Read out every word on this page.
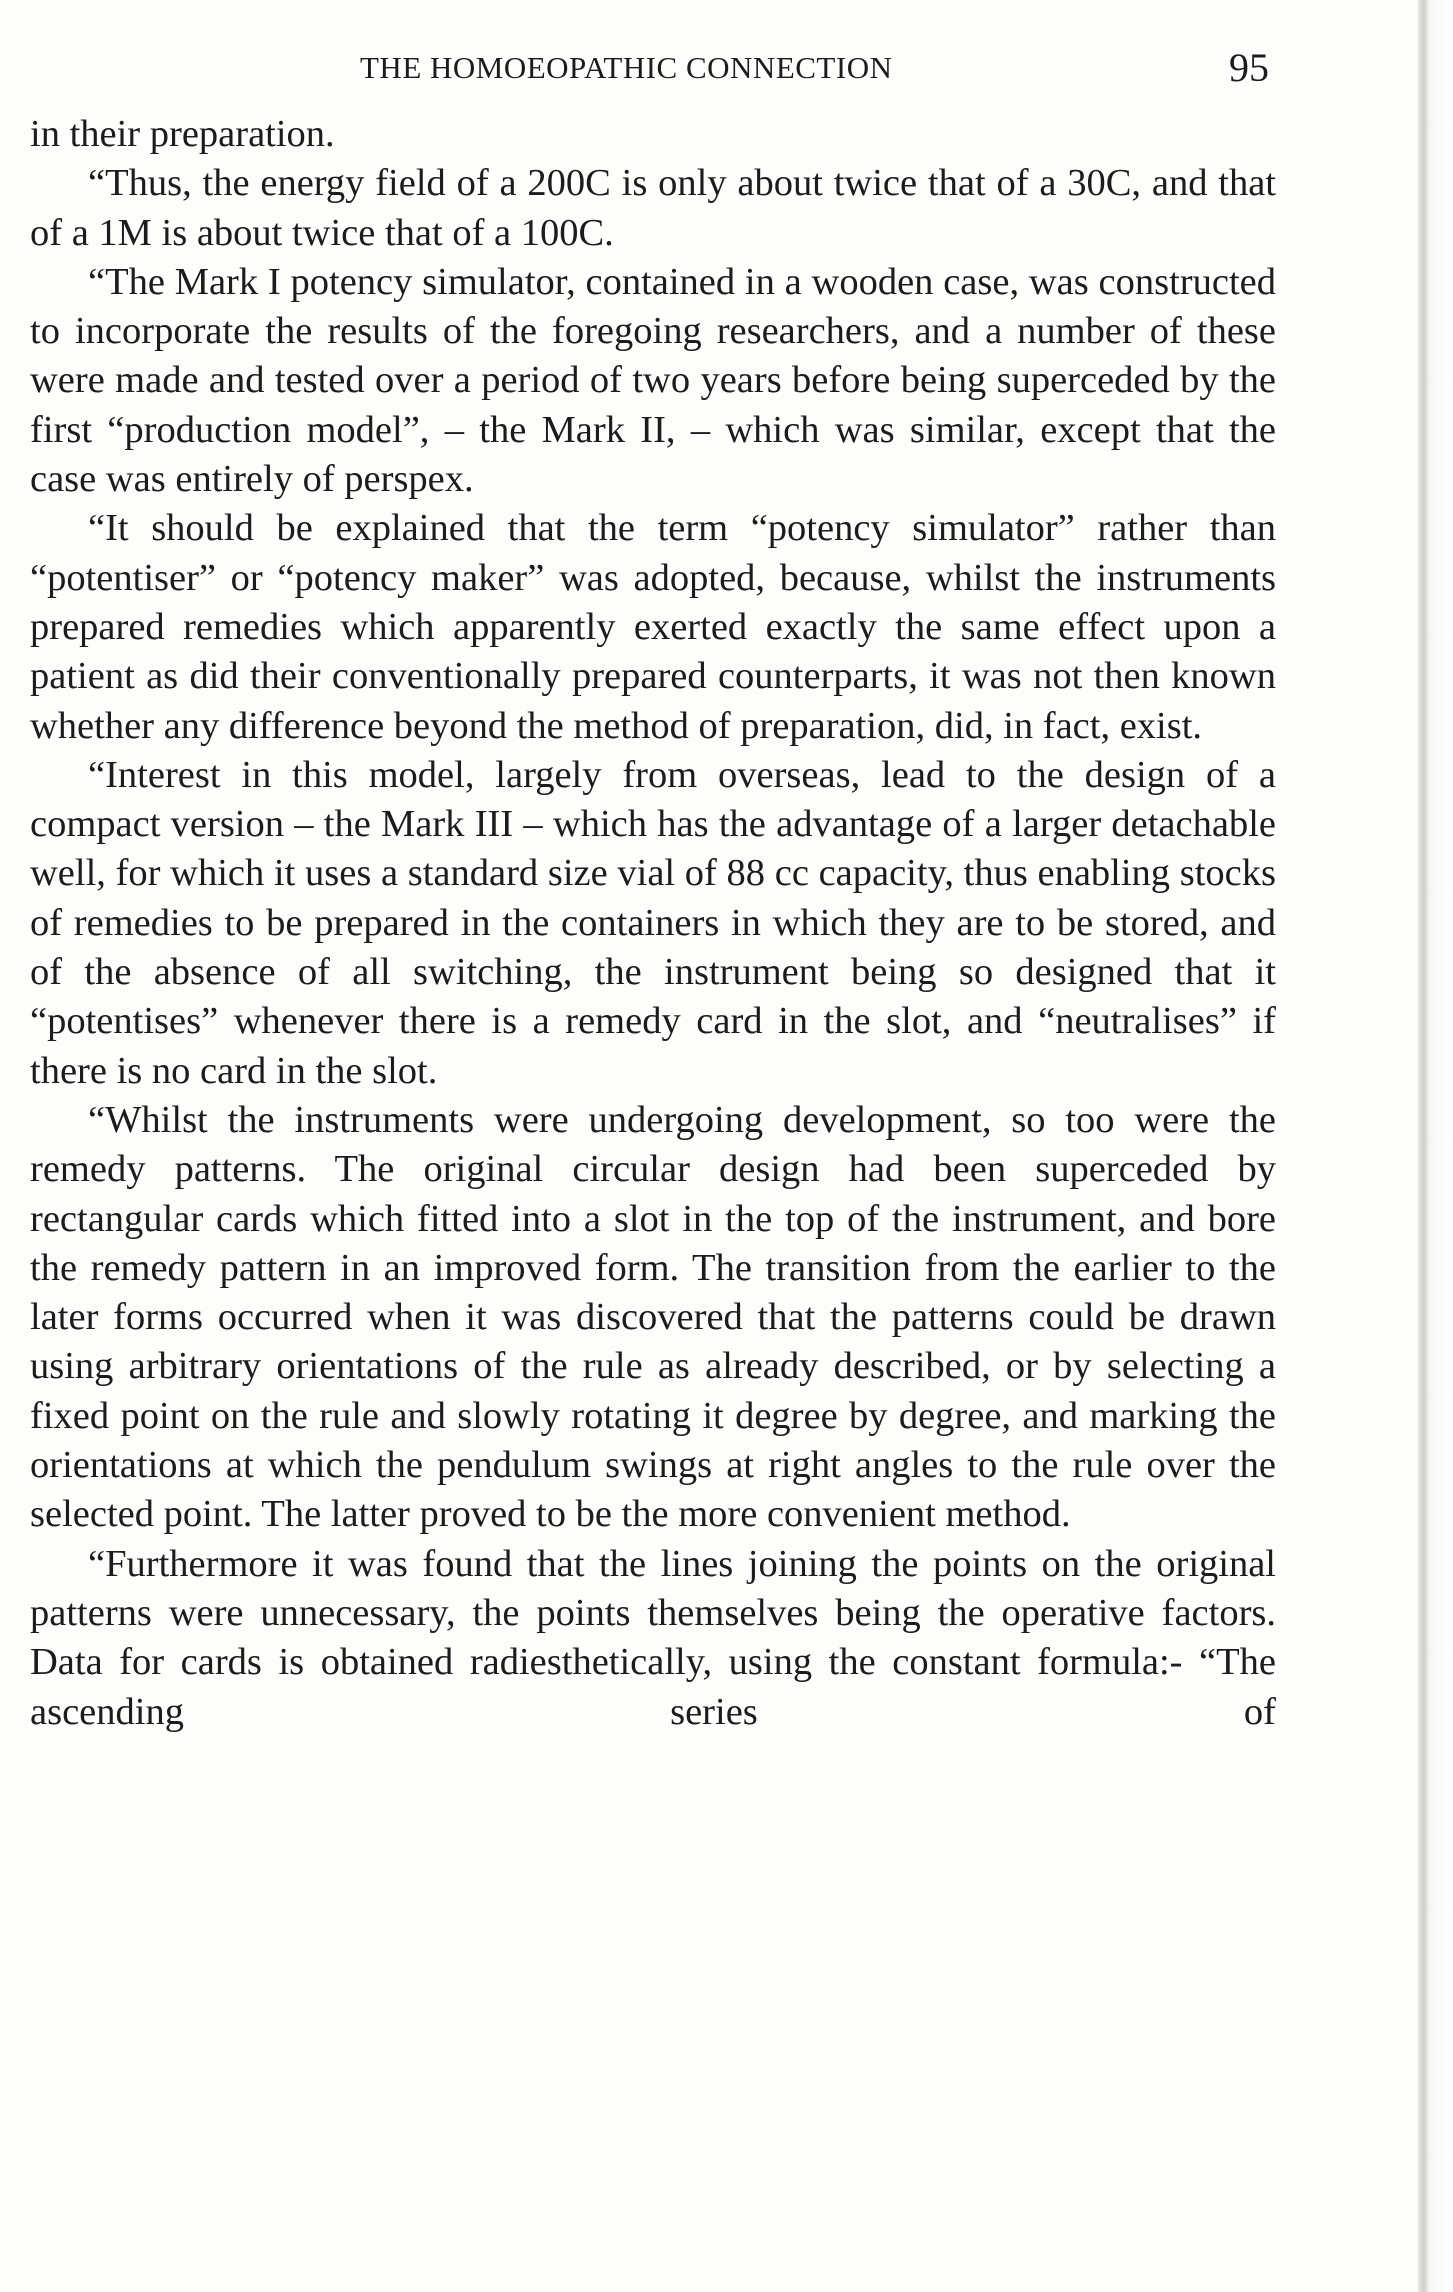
THE HOMOEOPATHIC CONNECTION	95

in their preparation.

“Thus, the energy field of a 200C is only about twice that of a 30C, and that of a 1M is about twice that of a 100C.

“The Mark I potency simulator, contained in a wooden case, was constructed to incorporate the results of the foregoing researchers, and a number of these were made and tested over a period of two years before being superceded by the first “production model”, – the Mark II, – which was similar, except that the case was entirely of perspex.

“It should be explained that the term “potency simulator” rather than “potentiser” or “potency maker” was adopted, because, whilst the instruments prepared remedies which apparently exerted exactly the same effect upon a patient as did their conventionally prepared counterparts, it was not then known whether any difference beyond the method of preparation, did, in fact, exist.

“Interest in this model, largely from overseas, lead to the design of a compact version – the Mark III – which has the advantage of a larger detachable well, for which it uses a standard size vial of 88 cc capacity, thus enabling stocks of remedies to be prepared in the containers in which they are to be stored, and of the absence of all switching, the instrument being so designed that it “potentises” whenever there is a remedy card in the slot, and “neutralises” if there is no card in the slot.

“Whilst the instruments were undergoing development, so too were the remedy patterns. The original circular design had been superceded by rectangular cards which fitted into a slot in the top of the instrument, and bore the remedy pattern in an improved form. The transition from the earlier to the later forms occurred when it was discovered that the patterns could be drawn using arbitrary orientations of the rule as already described, or by selecting a fixed point on the rule and slowly rotating it degree by degree, and marking the orientations at which the pendulum swings at right angles to the rule over the selected point. The latter proved to be the more convenient method.

“Furthermore it was found that the lines joining the points on the original patterns were unnecessary, the points themselves being the operative factors. Data for cards is obtained radiesthetically, using the constant formula:- “The ascending series of
